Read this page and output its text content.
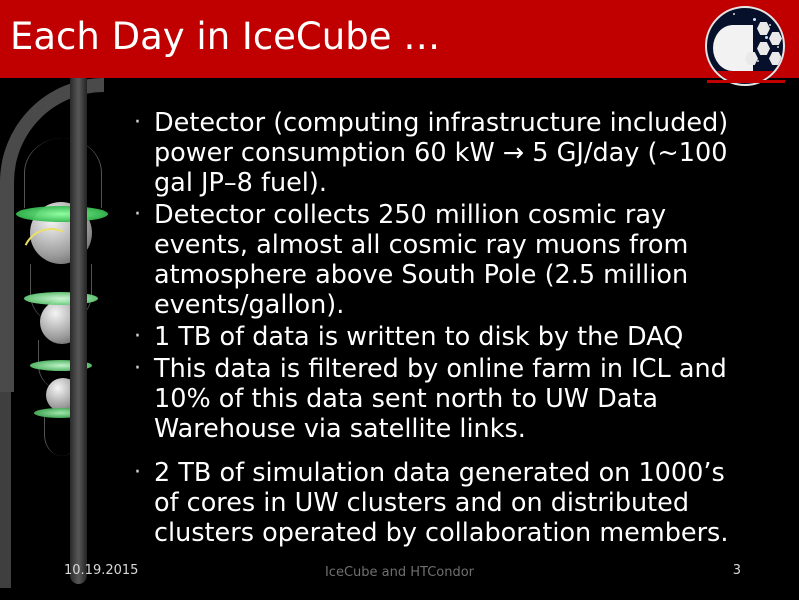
Each Day in IceCube …
· Detector (computing infrastructure included) power consumption 60 kW → 5 GJ/day (~100 gal JP–8 fuel).
· Detector collects 250 million cosmic ray events, almost all cosmic ray muons from atmosphere above South Pole (2.5 million events/gallon).
· 1 TB of data is written to disk by the DAQ
· This data is filtered by online farm in ICL and 10% of this data sent north to UW Data Warehouse via satellite links.
· 2 TB of simulation data generated on 1000’s of cores in UW clusters and on distributed clusters operated by collaboration members.
10.19.2015	IceCube and HTCondor	3
